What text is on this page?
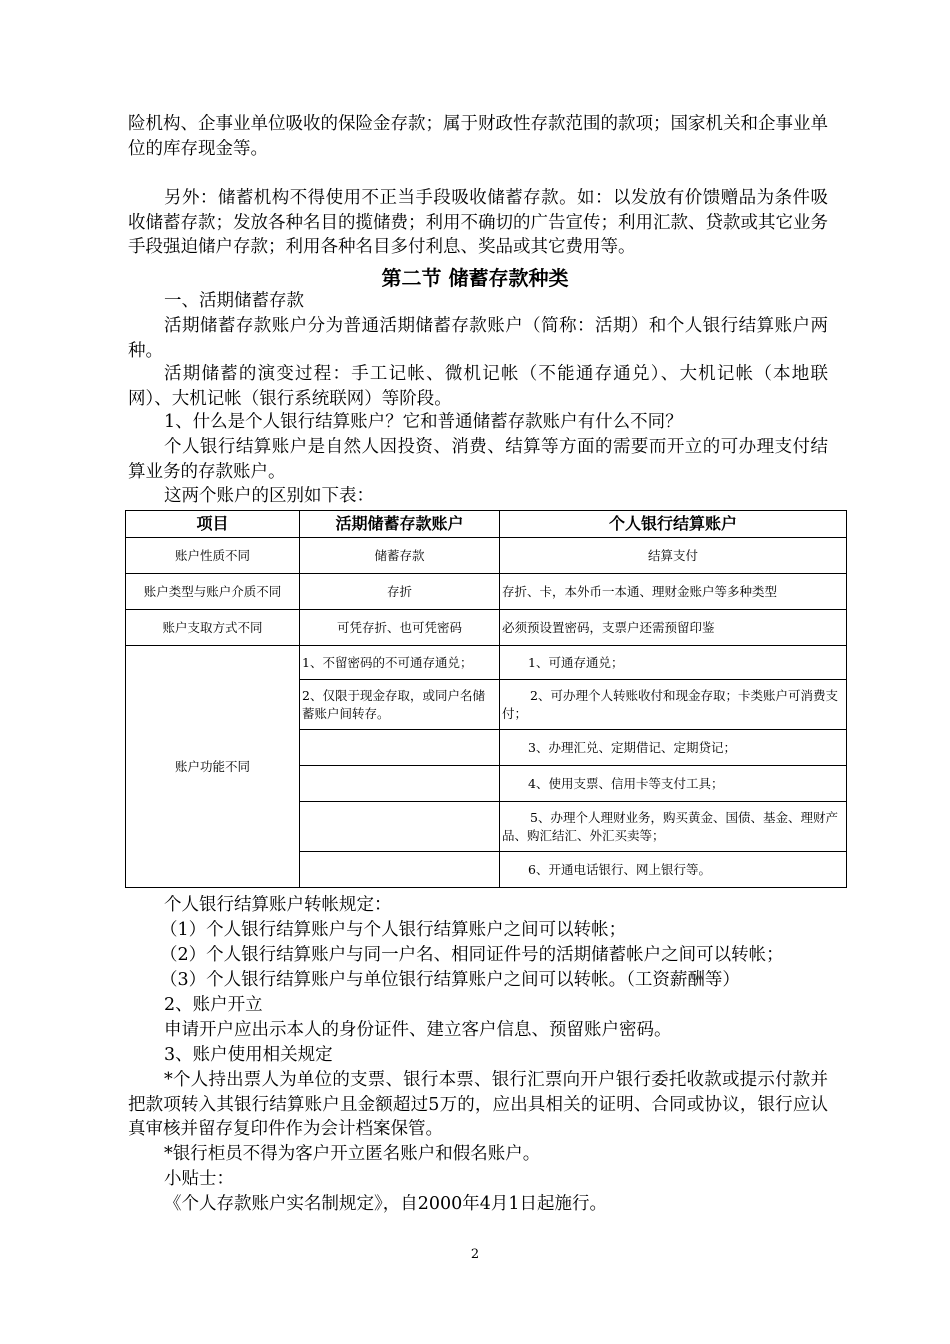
险机构、企事业单位吸收的保险金存款；属于财政性存款范围的款项；国家机关和企事业单位的库存现金等。
另外：储蓄机构不得使用不正当手段吸收储蓄存款。如：以发放有价馈赠品为条件吸收储蓄存款；发放各种名目的揽储费；利用不确切的广告宣传；利用汇款、贷款或其它业务手段强迫储户存款；利用各种名目多付利息、奖品或其它费用等。
第二节 储蓄存款种类
一、活期储蓄存款
活期储蓄存款账户分为普通活期储蓄存款账户（简称：活期）和个人银行结算账户两种。
活期储蓄的演变过程：手工记帐、微机记帐（不能通存通兑）、大机记帐（本地联网）、大机记帐（银行系统联网）等阶段。
1、什么是个人银行结算账户？它和普通储蓄存款账户有什么不同？
个人银行结算账户是自然人因投资、消费、结算等方面的需要而开立的可办理支付结算业务的存款账户。
这两个账户的区别如下表：
项目	活期储蓄存款账户	个人银行结算账户
账户性质不同	储蓄存款	结算支付
账户类型与账户介质不同	存折	存折、卡，本外币一本通、理财金账户等多种类型
账户支取方式不同	可凭存折、也可凭密码	必须预设置密码，支票户还需预留印鉴
账户功能不同	1、不留密码的不可通存通兑；	1、可通存通兑；
	2、仅限于现金存取，或同户名储蓄账户间转存。	2、可办理个人转账收付和现金存取；卡类账户可消费支付；
		3、办理汇兑、定期借记、定期贷记；
		4、使用支票、信用卡等支付工具；
		5、办理个人理财业务，购买黄金、国债、基金、理财产品、购汇结汇、外汇买卖等；
		6、开通电话银行、网上银行等。
个人银行结算账户转帐规定：
（1）个人银行结算账户与个人银行结算账户之间可以转帐；
（2）个人银行结算账户与同一户名、相同证件号的活期储蓄帐户之间可以转帐；
（3）个人银行结算账户与单位银行结算账户之间可以转帐。（工资薪酬等）
2、账户开立
申请开户应出示本人的身份证件、建立客户信息、预留账户密码。
3、账户使用相关规定
*个人持出票人为单位的支票、银行本票、银行汇票向开户银行委托收款或提示付款并把款项转入其银行结算账户且金额超过5万的，应出具相关的证明、合同或协议，银行应认真审核并留存复印件作为会计档案保管。
*银行柜员不得为客户开立匿名账户和假名账户。
小贴士：
《个人存款账户实名制规定》，自2000年4月1日起施行。
2
